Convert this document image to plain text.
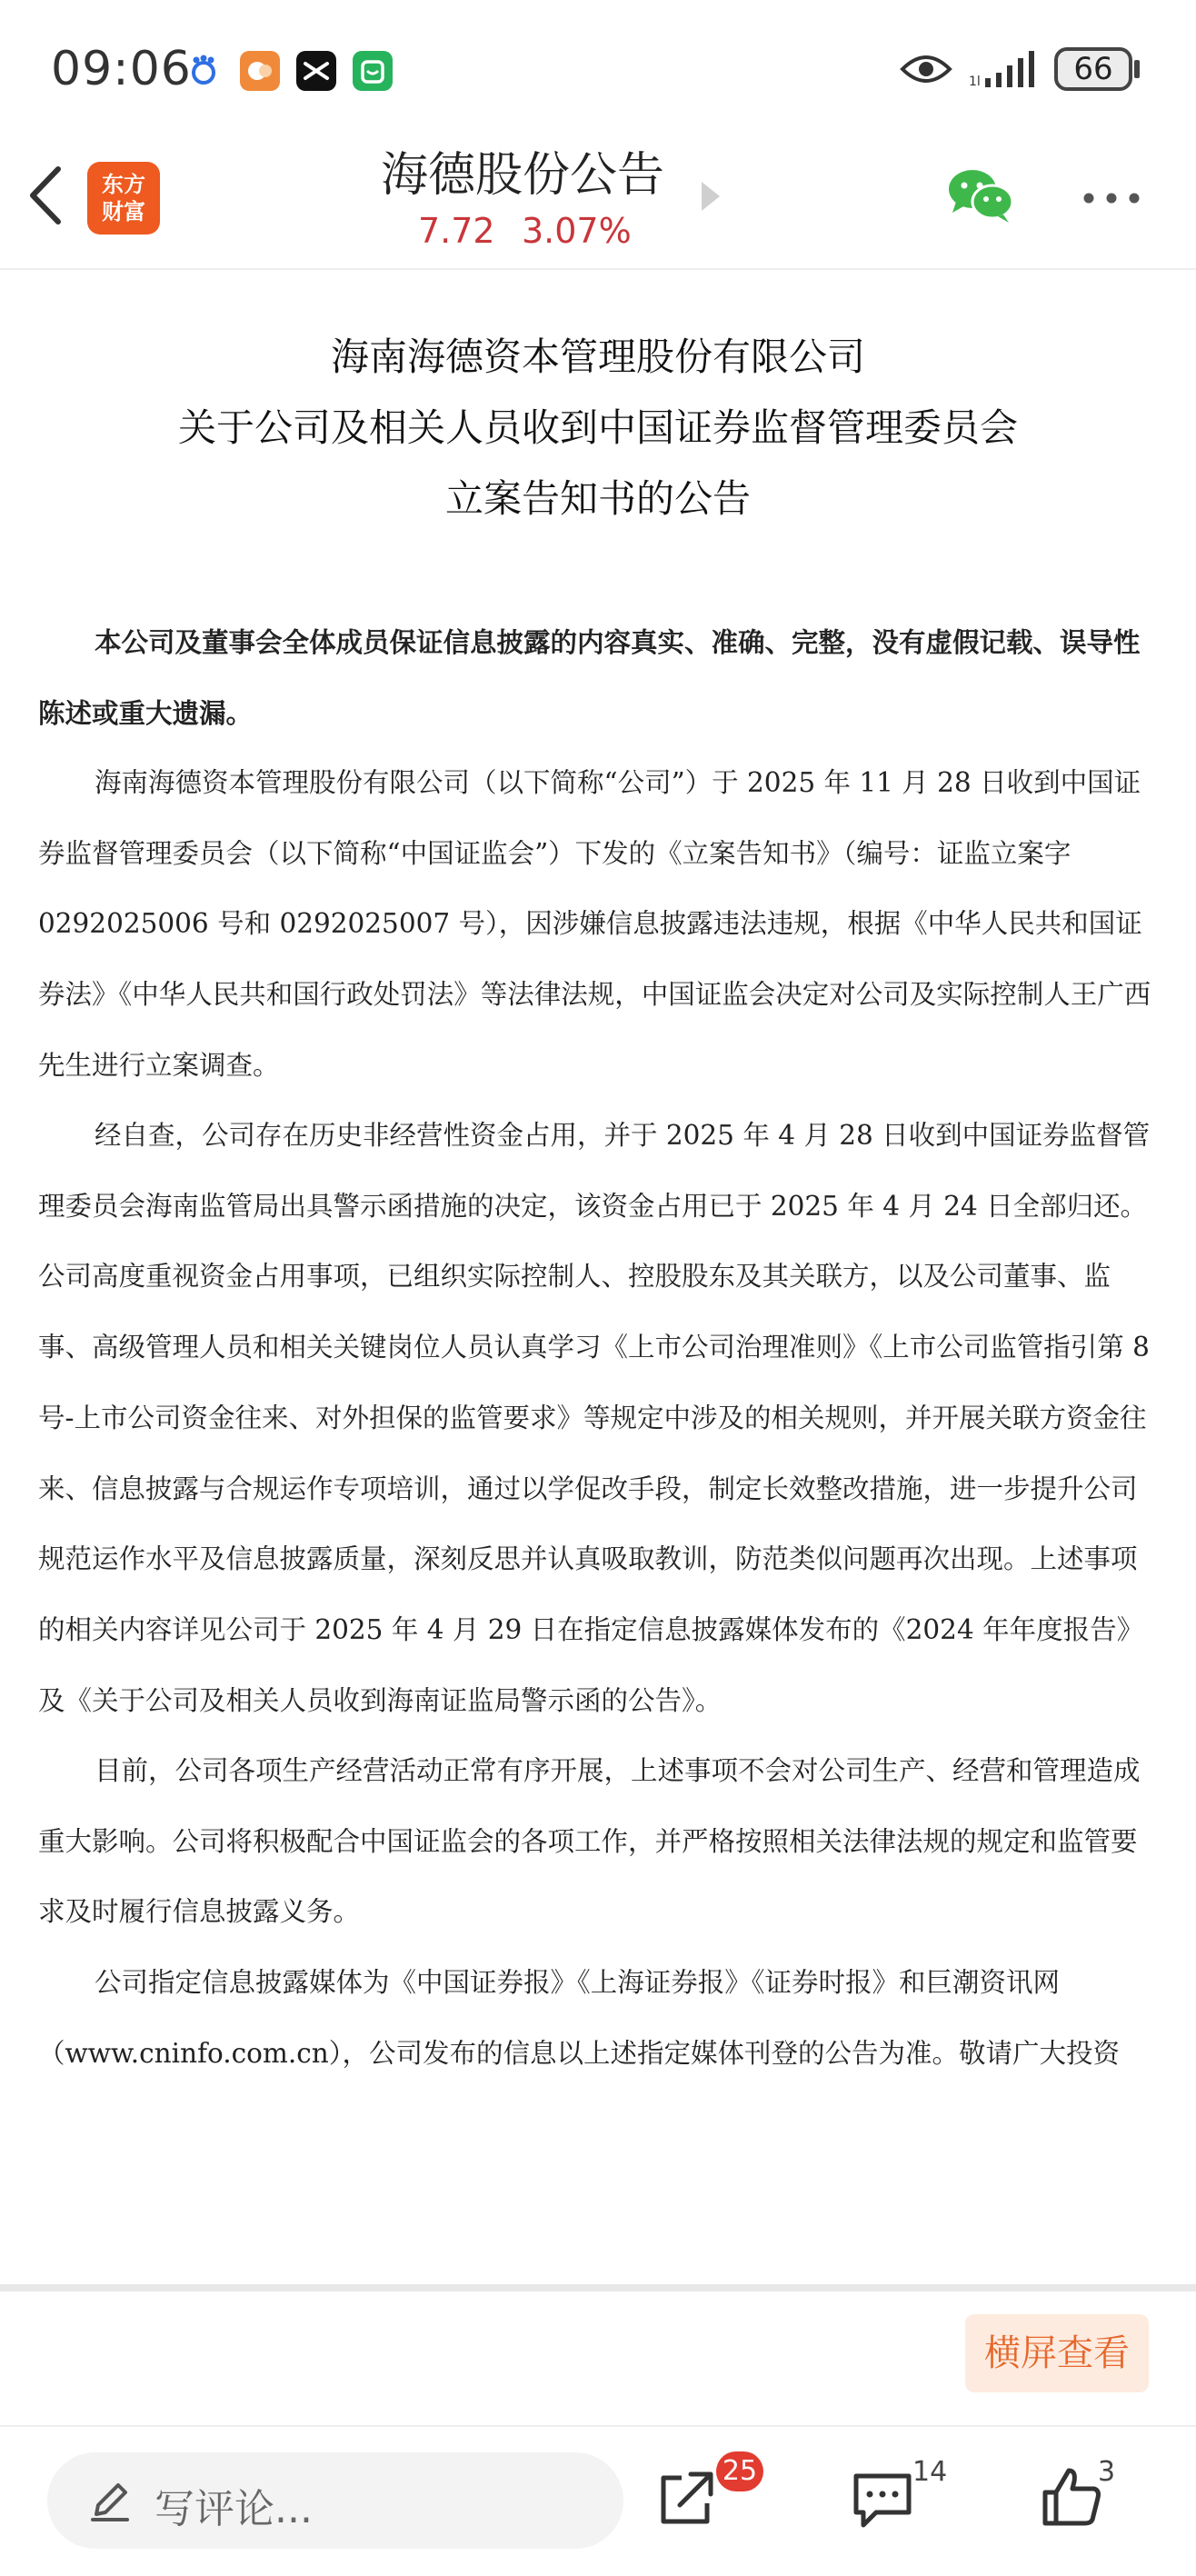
09:06	1l	66
东方
财富
海德股份公告
7.72 3.07%
海南海德资本管理股份有限公司
关于公司及相关人员收到中国证券监督管理委员会
立案告知书的公告

本公司及董事会全体成员保证信息披露的内容真实、准确、完整，没有虚假记载、误导性陈述或重大遗漏。

海南海德资本管理股份有限公司（以下简称“公司”）于 2025 年 11 月 28 日收到中国证券监督管理委员会（以下简称“中国证监会”）下发的《立案告知书》（编号：证监立案字 0292025006 号和 0292025007 号），因涉嫌信息披露违法违规，根据《中华人民共和国证券法》《中华人民共和国行政处罚法》等法律法规，中国证监会决定对公司及实际控制人王广西先生进行立案调查。

经自查，公司存在历史非经营性资金占用，并于 2025 年 4 月 28 日收到中国证券监督管理委员会海南监管局出具警示函措施的决定，该资金占用已于 2025 年 4 月 24 日全部归还。公司高度重视资金占用事项，已组织实际控制人、控股股东及其关联方，以及公司董事、监事、高级管理人员和相关关键岗位人员认真学习《上市公司治理准则》《上市公司监管指引第 8 号-上市公司资金往来、对外担保的监管要求》等规定中涉及的相关规则，并开展关联方资金往来、信息披露与合规运作专项培训，通过以学促改手段，制定长效整改措施，进一步提升公司规范运作水平及信息披露质量，深刻反思并认真吸取教训，防范类似问题再次出现。上述事项的相关内容详见公司于 2025 年 4 月 29 日在指定信息披露媒体发布的《2024 年年度报告》及《关于公司及相关人员收到海南证监局警示函的公告》。

目前，公司各项生产经营活动正常有序开展，上述事项不会对公司生产、经营和管理造成重大影响。公司将积极配合中国证监会的各项工作，并严格按照相关法律法规的规定和监管要求及时履行信息披露义务。

公司指定信息披露媒体为《中国证券报》《上海证券报》《证券时报》和巨潮资讯网（www.cninfo.com.cn），公司发布的信息以上述指定媒体刊登的公告为准。敬请广大投资

横屏查看
写评论...
25	14	3
